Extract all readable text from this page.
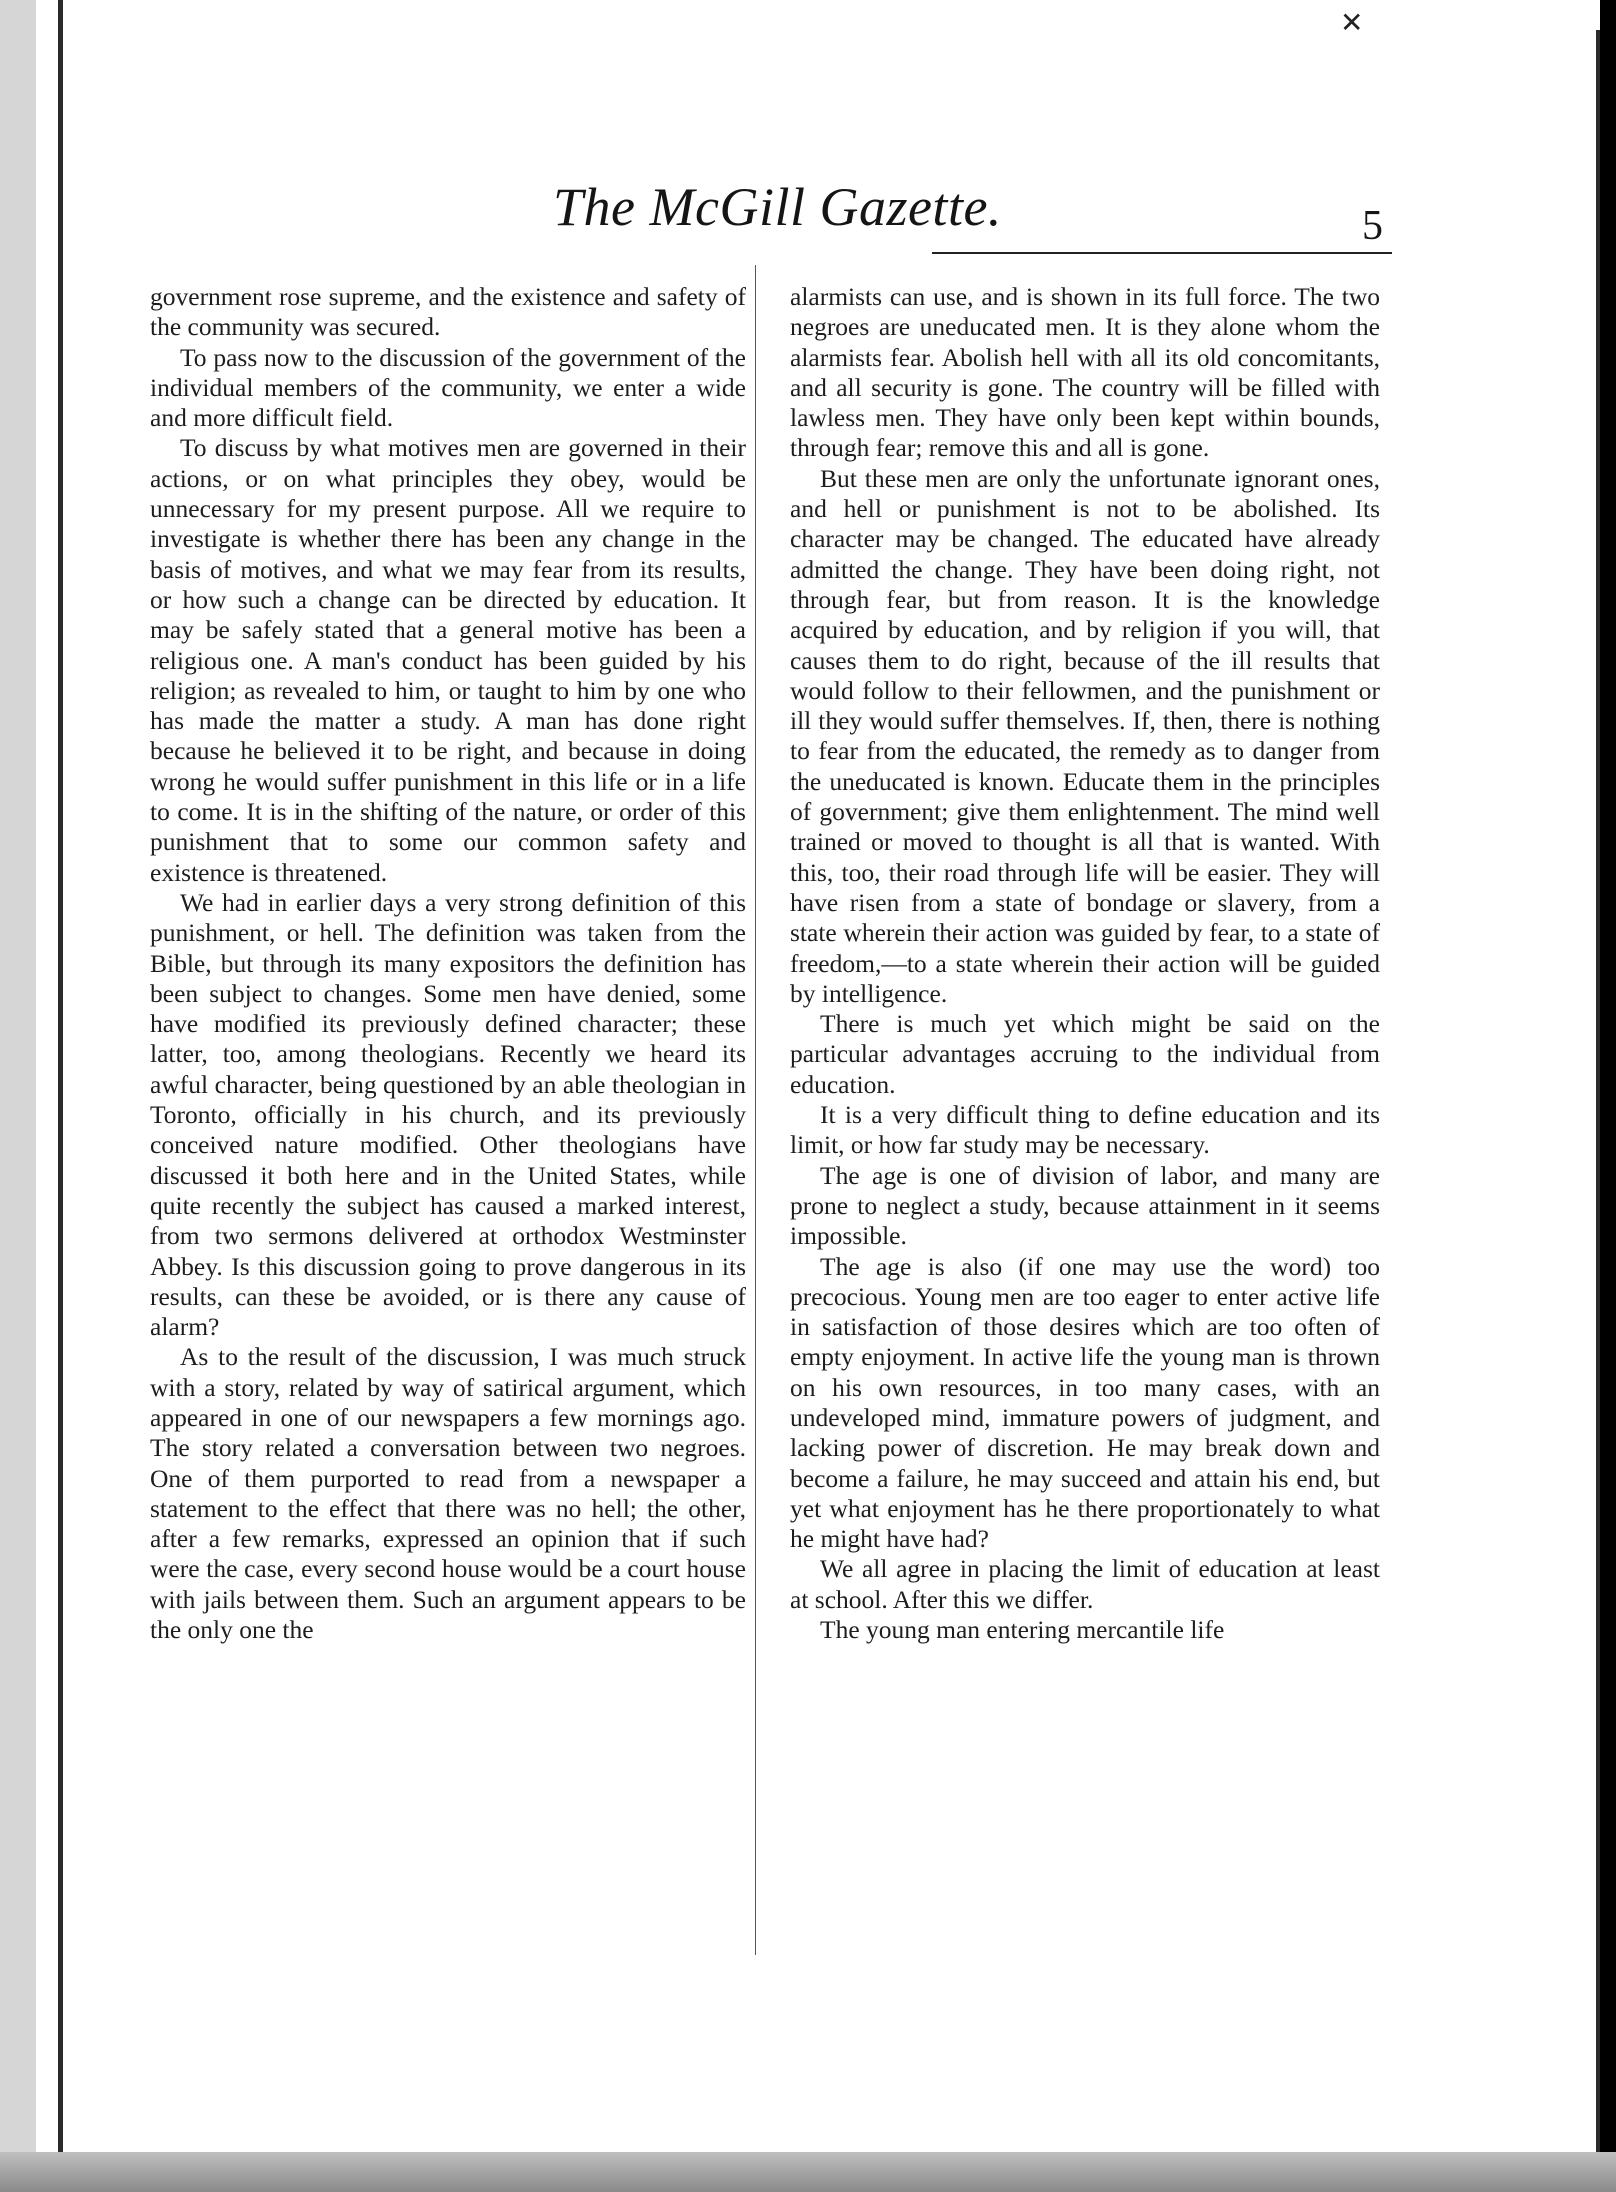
✕
The McGill Gazette.	5

government rose supreme, and the existence and safety of the community was secured.

To pass now to the discussion of the government of the individual members of the community, we enter a wide and more difficult field.

To discuss by what motives men are governed in their actions, or on what principles they obey, would be unnecessary for my present purpose. All we require to investigate is whether there has been any change in the basis of motives, and what we may fear from its results, or how such a change can be directed by education. It may be safely stated that a general motive has been a religious one. A man's conduct has been guided by his religion; as revealed to him, or taught to him by one who has made the matter a study. A man has done right because he believed it to be right, and because in doing wrong he would suffer punishment in this life or in a life to come. It is in the shifting of the nature, or order of this punishment that to some our common safety and existence is threatened.

We had in earlier days a very strong definition of this punishment, or hell. The definition was taken from the Bible, but through its many expositors the definition has been subject to changes. Some men have denied, some have modified its previously defined character; these latter, too, among theologians. Recently we heard its awful character, being questioned by an able theologian in Toronto, officially in his church, and its previously conceived nature modified. Other theologians have discussed it both here and in the United States, while quite recently the subject has caused a marked interest, from two sermons delivered at orthodox Westminster Abbey. Is this discussion going to prove dangerous in its results, can these be avoided, or is there any cause of alarm?

As to the result of the discussion, I was much struck with a story, related by way of satirical argument, which appeared in one of our newspapers a few mornings ago. The story related a conversation between two negroes. One of them purported to read from a newspaper a statement to the effect that there was no hell; the other, after a few remarks, expressed an opinion that if such were the case, every second house would be a court house with jails between them. Such an argument appears to be the only one the

alarmists can use, and is shown in its full force. The two negroes are uneducated men. It is they alone whom the alarmists fear. Abolish hell with all its old concomitants, and all security is gone. The country will be filled with lawless men. They have only been kept within bounds, through fear; remove this and all is gone.

But these men are only the unfortunate ignorant ones, and hell or punishment is not to be abolished. Its character may be changed. The educated have already admitted the change. They have been doing right, not through fear, but from reason. It is the knowledge acquired by education, and by religion if you will, that causes them to do right, because of the ill results that would follow to their fellowmen, and the punishment or ill they would suffer themselves. If, then, there is nothing to fear from the educated, the remedy as to danger from the uneducated is known. Educate them in the principles of government; give them enlightenment. The mind well trained or moved to thought is all that is wanted. With this, too, their road through life will be easier. They will have risen from a state of bondage or slavery, from a state wherein their action was guided by fear, to a state of freedom,—to a state wherein their action will be guided by intelligence.

There is much yet which might be said on the particular advantages accruing to the individual from education.

It is a very difficult thing to define education and its limit, or how far study may be necessary.

The age is one of division of labor, and many are prone to neglect a study, because attainment in it seems impossible.

The age is also (if one may use the word) too precocious. Young men are too eager to enter active life in satisfaction of those desires which are too often of empty enjoyment. In active life the young man is thrown on his own resources, in too many cases, with an undeveloped mind, immature powers of judgment, and lacking power of discretion. He may break down and become a failure, he may succeed and attain his end, but yet what enjoyment has he there proportionately to what he might have had?

We all agree in placing the limit of education at least at school. After this we differ.

The young man entering mercantile life
